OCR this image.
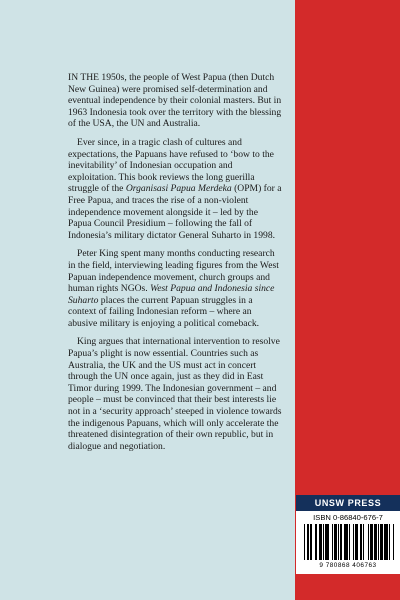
IN THE 1950s, the people of West Papua (then Dutch New Guinea) were promised self-determination and eventual independence by their colonial masters. But in 1963 Indonesia took over the territory with the blessing of the USA, the UN and Australia.

Ever since, in a tragic clash of cultures and expectations, the Papuans have refused to ‘bow to the inevitability’ of Indonesian occupation and exploitation. This book reviews the long guerilla struggle of the Organisasi Papua Merdeka (OPM) for a Free Papua, and traces the rise of a non-violent independence movement alongside it – led by the Papua Council Presidium – following the fall of Indonesia’s military dictator General Suharto in 1998.

Peter King spent many months conducting research in the field, interviewing leading figures from the West Papuan independence movement, church groups and human rights NGOs. West Papua and Indonesia since Suharto places the current Papuan struggles in a context of failing Indonesian reform – where an abusive military is enjoying a political comeback.

King argues that international intervention to resolve Papua’s plight is now essential. Countries such as Australia, the UK and the US must act in concert through the UN once again, just as they did in East Timor during 1999. The Indonesian government – and people – must be convinced that their best interests lie not in a ‘security approach’ steeped in violence towards the indigenous Papuans, which will only accelerate the threatened disintegration of their own republic, but in dialogue and negotiation.

UNSW PRESS
ISBN 0-86840-676-7
9 780868 406763
